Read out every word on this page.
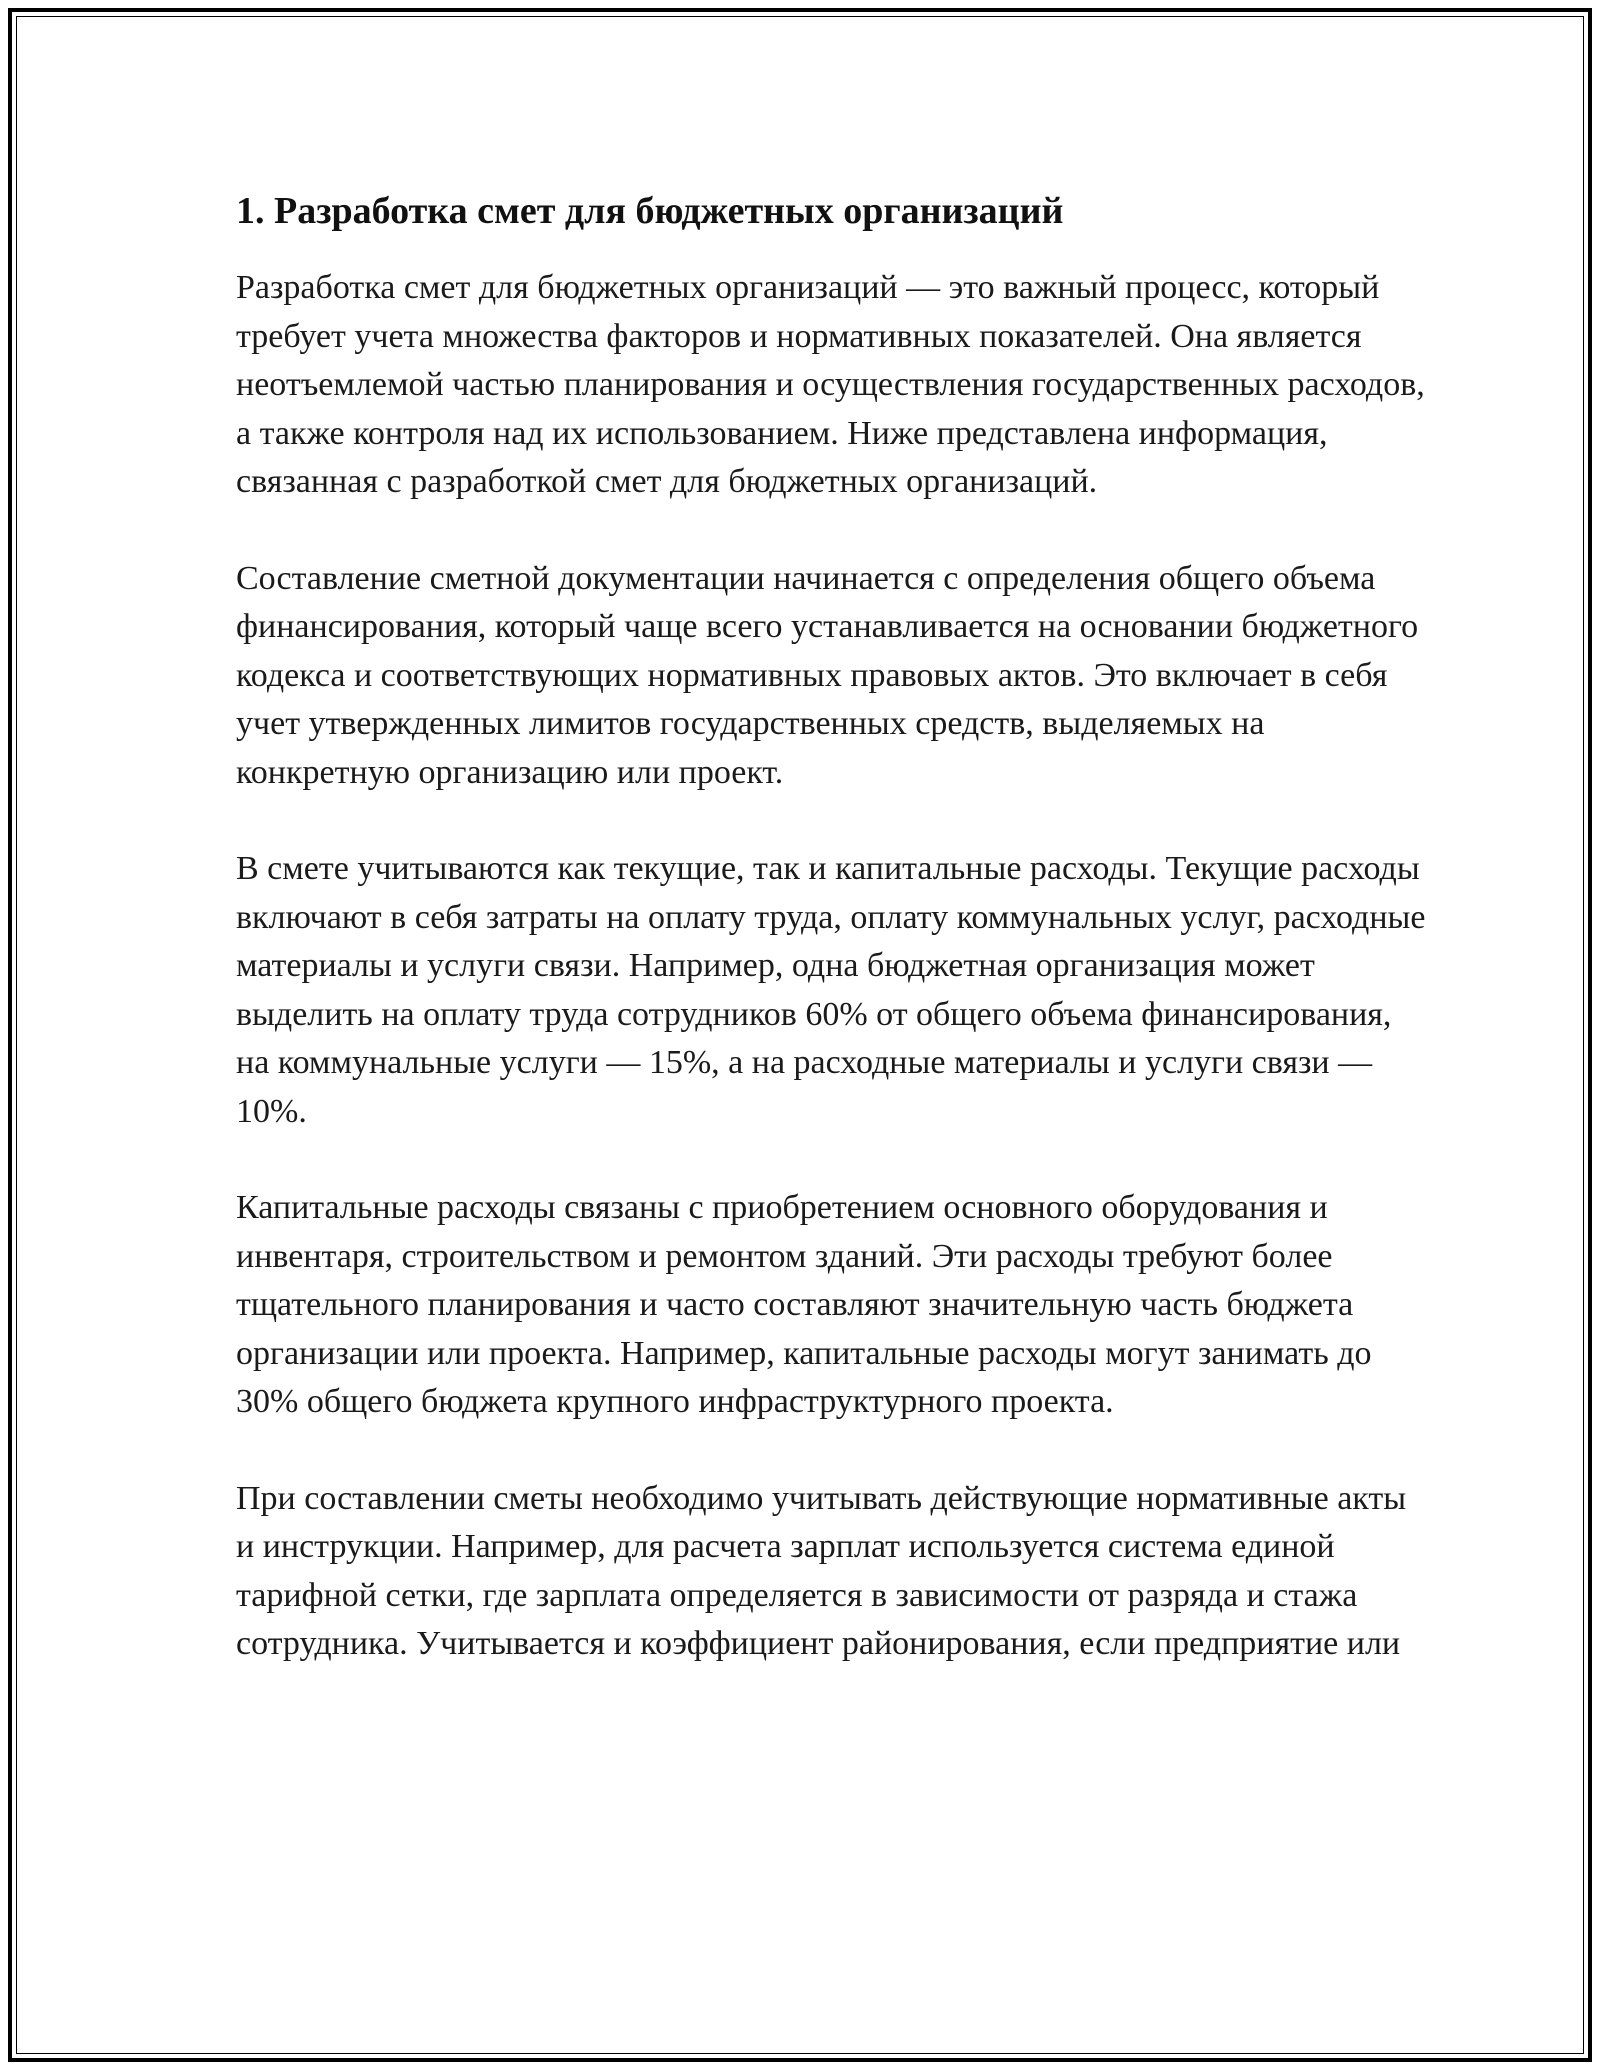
1. Разработка смет для бюджетных организаций

Разработка смет для бюджетных организаций — это важный процесс, который требует учета множества факторов и нормативных показателей. Она является неотъемлемой частью планирования и осуществления государственных расходов, а также контроля над их использованием. Ниже представлена информация, связанная с разработкой смет для бюджетных организаций.

Составление сметной документации начинается с определения общего объема финансирования, который чаще всего устанавливается на основании бюджетного кодекса и соответствующих нормативных правовых актов. Это включает в себя учет утвержденных лимитов государственных средств, выделяемых на конкретную организацию или проект.

В смете учитываются как текущие, так и капитальные расходы. Текущие расходы включают в себя затраты на оплату труда, оплату коммунальных услуг, расходные материалы и услуги связи. Например, одна бюджетная организация может выделить на оплату труда сотрудников 60% от общего объема финансирования, на коммунальные услуги — 15%, а на расходные материалы и услуги связи — 10%.

Капитальные расходы связаны с приобретением основного оборудования и инвентаря, строительством и ремонтом зданий. Эти расходы требуют более тщательного планирования и часто составляют значительную часть бюджета организации или проекта. Например, капитальные расходы могут занимать до 30% общего бюджета крупного инфраструктурного проекта.

При составлении сметы необходимо учитывать действующие нормативные акты и инструкции. Например, для расчета зарплат используется система единой тарифной сетки, где зарплата определяется в зависимости от разряда и стажа сотрудника. Учитывается и коэффициент районирования, если предприятие или
